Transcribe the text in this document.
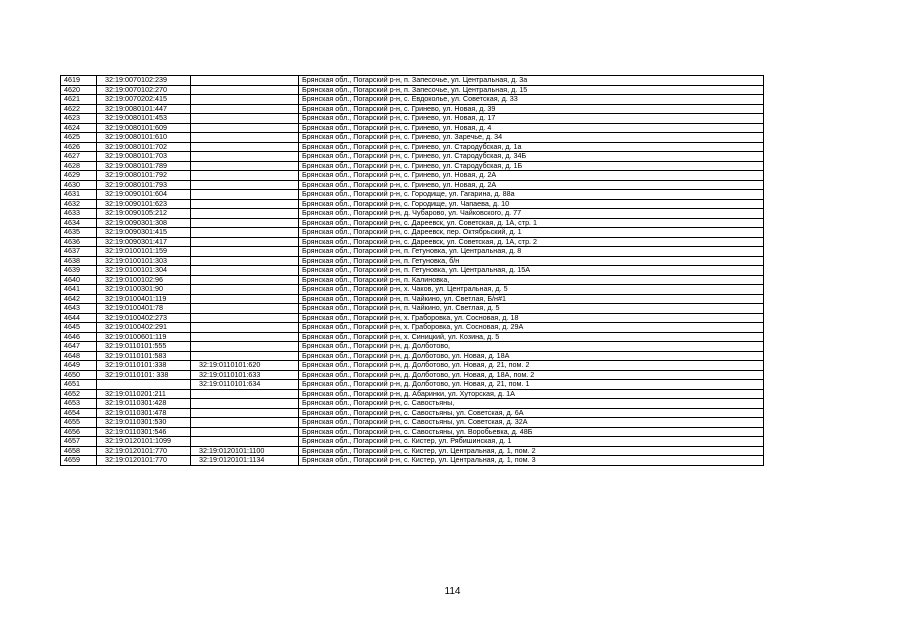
4619	32:19:0070102:239		Брянская обл., Погарский р-н, п. Запесочье, ул. Центральная, д. 3а
4620	32:19:0070102:270		Брянская обл., Погарский р-н, п. Запесочье, ул. Центральная, д. 15
4621	32:19:0070202:415		Брянская обл., Погарский р-н, с. Евдокольe, ул. Советская, д. 33
4622	32:19:0080101:447		Брянская обл., Погарский р-н, с. Гринево, ул. Новая, д. 39
4623	32:19:0080101:453		Брянская обл., Погарский р-н, с. Гринево, ул. Новая, д. 17
4624	32:19:0080101:609		Брянская обл., Погарский р-н, с. Гринево, ул. Новая, д. 4
4625	32:19:0080101:610		Брянская обл., Погарский р-н, с. Гринево, ул. Заречье, д. 34
4626	32:19:0080101:702		Брянская обл., Погарский р-н, с. Гринево, ул. Стародубская, д. 1а
4627	32:19:0080101:703		Брянская обл., Погарский р-н, с. Гринево, ул. Стародубская, д. 34Б
4628	32:19:0080101:789		Брянская обл., Погарский р-н, с. Гринево, ул. Стародубская, д. 1Б
4629	32:19:0080101:792		Брянская обл., Погарский р-н, с. Гринево, ул. Новая, д. 2А
4630	32:19:0080101:793		Брянская обл., Погарский р-н, с. Гринево, ул. Новая, д. 2А
4631	32:19:0090101:604		Брянская обл., Погарский р-н, с. Городище, ул. Гагарина, д. 88а
4632	32:19:0090101:623		Брянская обл., Погарский р-н, с. Городище, ул. Чапаева, д. 10
4633	32:19:0090105:212		Брянская обл., Погарский р-н, д. Чубарово, ул. Чайковского, д. 77
4634	32:19:0090301:308		Брянская обл., Погарский р-н, с. Дареевск, ул. Советская, д. 1А, стр. 1
4635	32:19:0090301:415		Брянская обл., Погарский р-н, с. Дареевск, пер. Октябрьский, д. 1
4636	32:19:0090301:417		Брянская обл., Погарский р-н, с. Дареевск, ул. Советская, д. 1А, стр. 2
4637	32:19:0100101:159		Брянская обл., Погарский р-н, п. Гетуновка, ул. Центральная, д. 8
4638	32:19:0100101:303		Брянская обл., Погарский р-н, п. Гетуновка, б/н
4639	32:19:0100101:304		Брянская обл., Погарский р-н, п. Гетуновка, ул. Центральная, д. 15А
4640	32:19:0100102:96		Брянская обл., Погарский р-н, п. Калиновка,
4641	32:19:0100301:90		Брянская обл., Погарский р-н, х. Чаков, ул. Центральная, д. 5
4642	32:19:0100401:119		Брянская обл., Погарский р-н, п. Чайкино, ул. Светлая, Б/н#1
4643	32:19:0100401:78		Брянская обл., Погарский р-н, п. Чайкино, ул. Светлая, д. 5
4644	32:19:0100402:273		Брянская обл., Погарский р-н, х. Граборовка, ул. Сосновая, д. 18
4645	32:19:0100402:291		Брянская обл., Погарский р-н, х. Граборовка, ул. Сосновая, д. 29А
4646	32:19:0100601:119		Брянская обл., Погарский р-н, х. Синицкий, ул. Козина, д. 5
4647	32:19:0110101:555		Брянская обл., Погарский р-н, д. Долботово,
4648	32:19:0110101:583		Брянская обл., Погарский р-н, д. Долботово, ул. Новая, д. 18А
4649	32:19:0110101:338	32:19:0110101:620	Брянская обл., Погарский р-н, д. Долботово, ул. Новая, д. 21, пом. 2
4650	32:19:0110101: 338	32:19:0110101:633	Брянская обл., Погарский р-н, д. Долботово, ул. Новая, д. 18А, пом. 2
4651		32:19:0110101:634	Брянская обл., Погарский р-н, д. Долботово, ул. Новая, д. 21, пом. 1
4652	32:19:0110201:211		Брянская обл., Погарский р-н, д. Абаринки, ул. Хуторская, д. 1А
4653	32:19:0110301:428		Брянская обл., Погарский р-н, с. Савостьяны,
4654	32:19:0110301:478		Брянская обл., Погарский р-н, с. Савостьяны, ул. Советская, д. 6А
4655	32:19:0110301:530		Брянская обл., Погарский р-н, с. Савостьяны, ул. Советская, д. 32А
4656	32:19:0110301:546		Брянская обл., Погарский р-н, с. Савостьяны, ул. Воробьевка, д. 48Б
4657	32:19:0120101:1099		Брянская обл., Погарский р-н, с. Кистер, ул. Рябишинская, д. 1
4658	32:19:0120101:770	32:19:0120101:1100	Брянская обл., Погарский р-н, с. Кистер, ул. Центральная, д. 1, пом. 2
4659	32:19:0120101:770	32:19:0120101:1134	Брянская обл., Погарский р-н, с. Кистер, ул. Центральная, д. 1, пом. 3
114
